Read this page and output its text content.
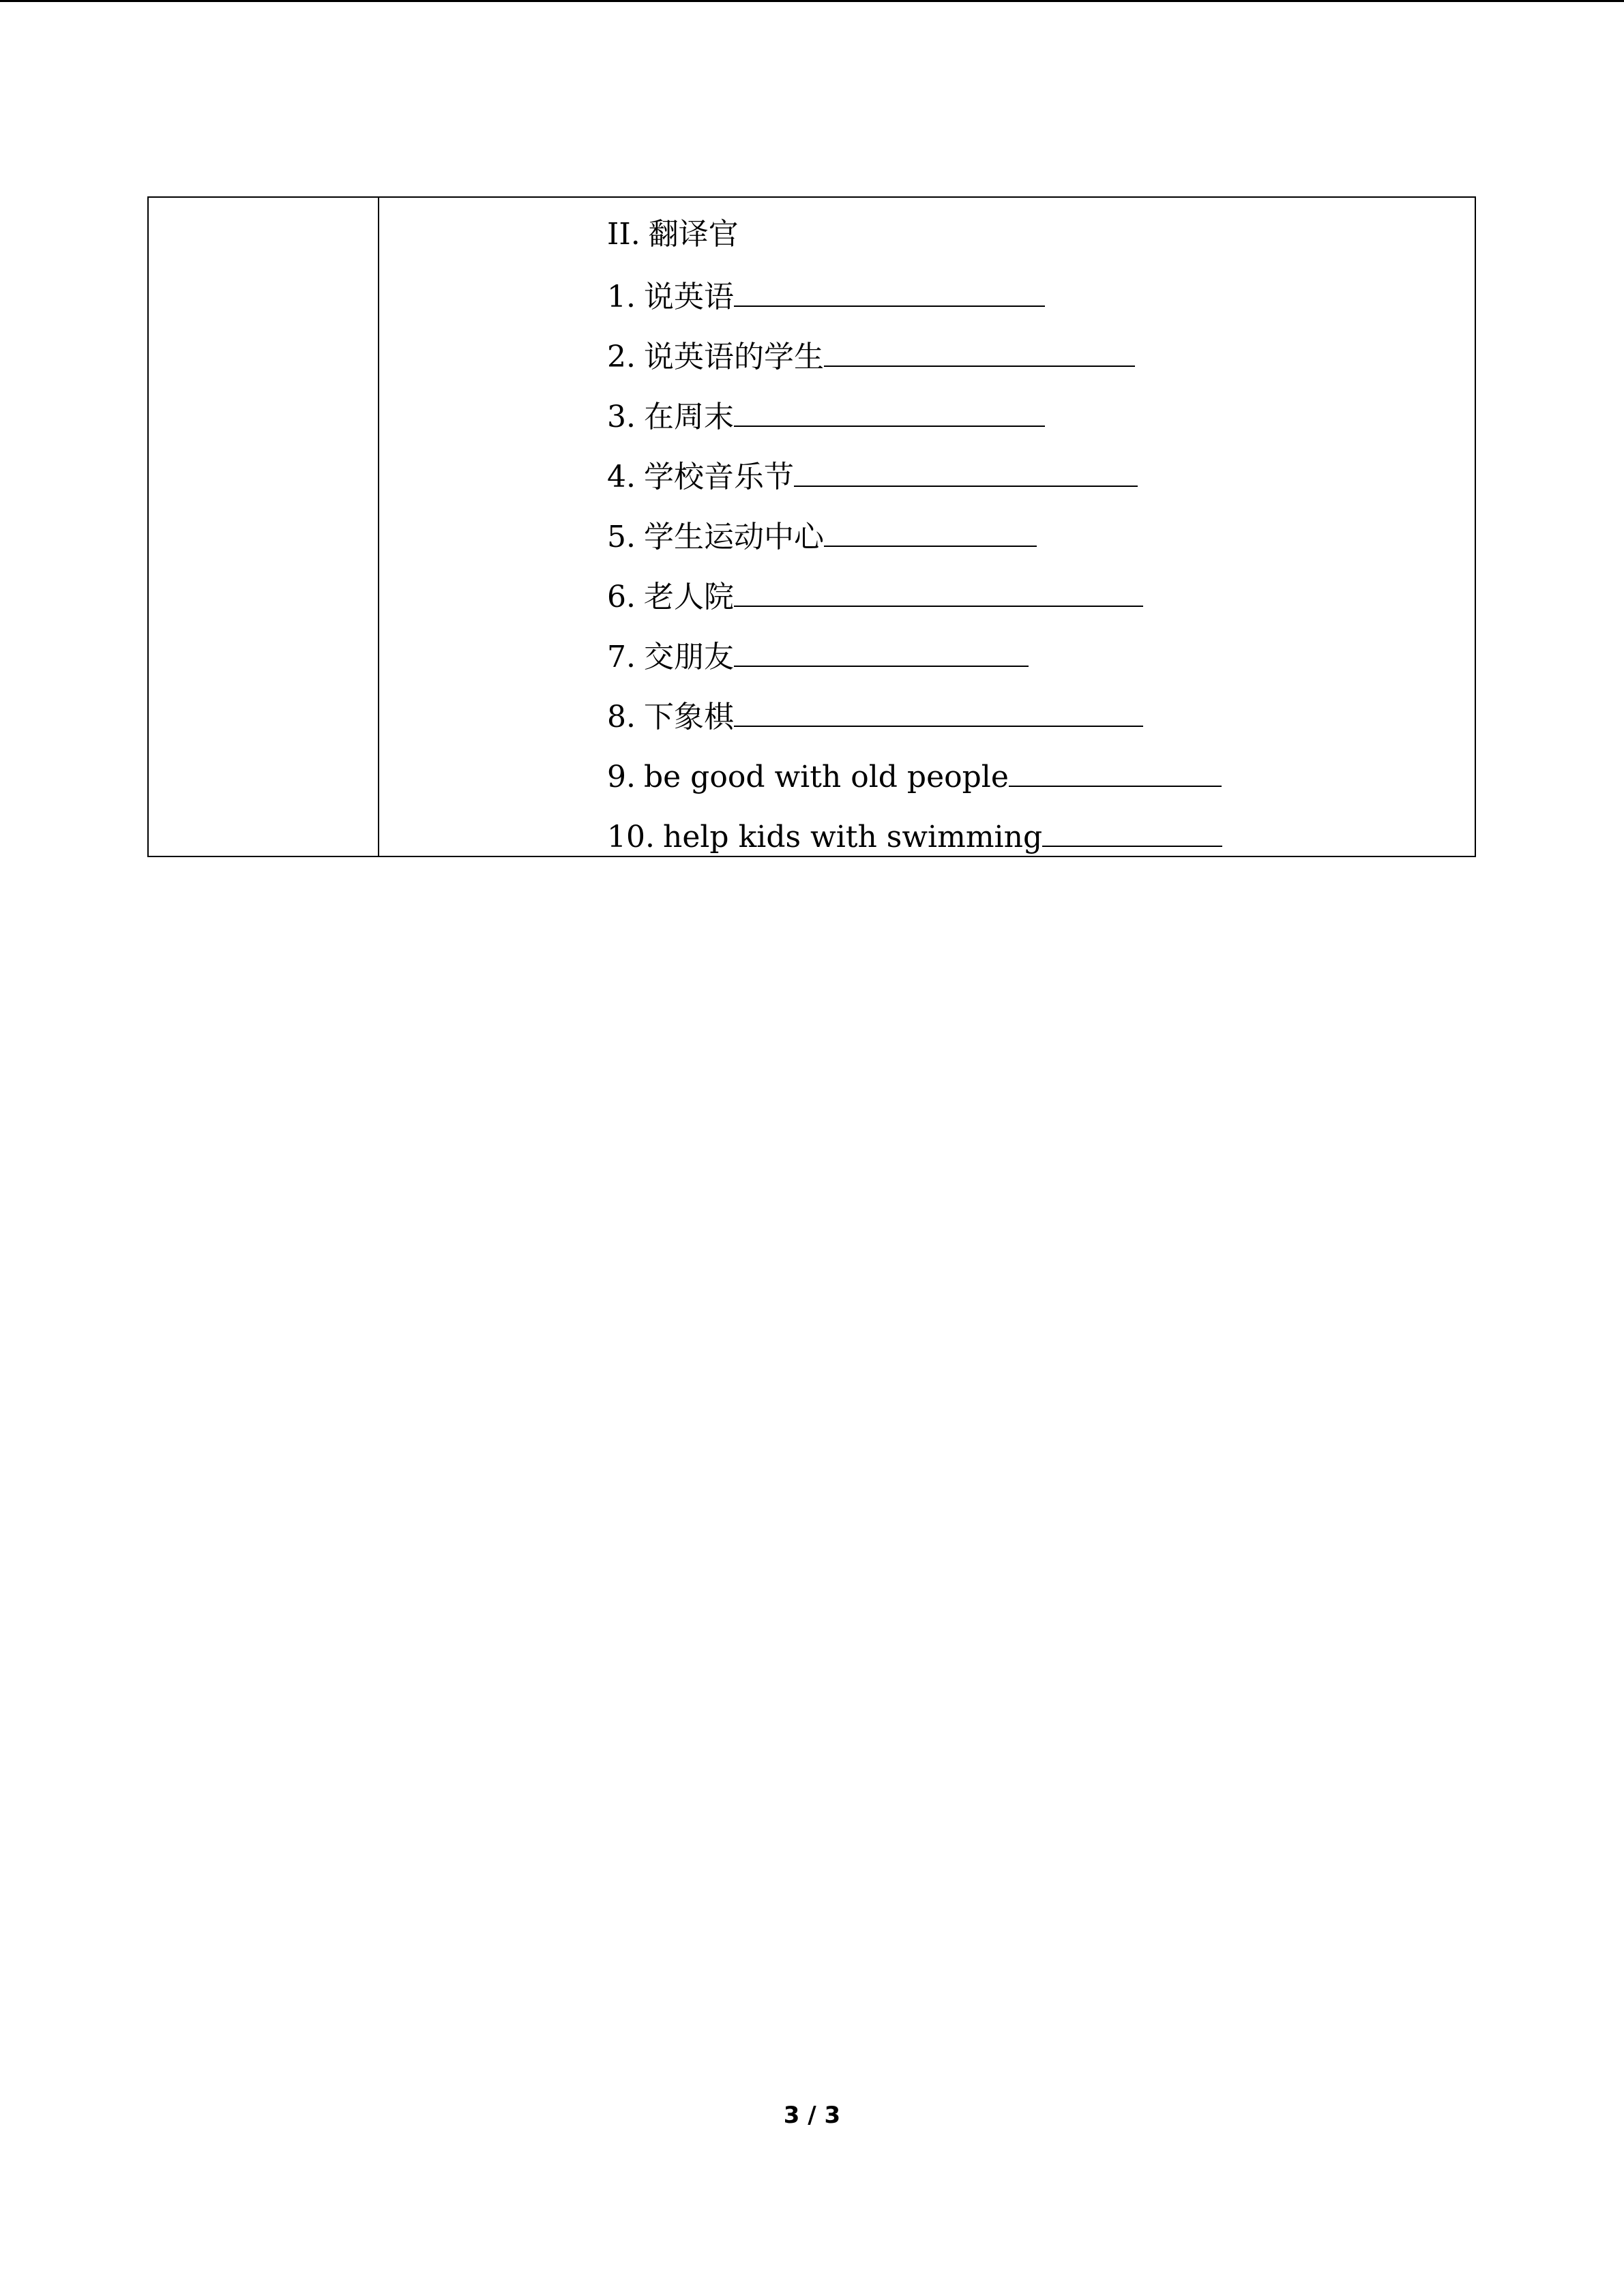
II. 翻译官
1. 说英语
2. 说英语的学生
3. 在周末
4. 学校音乐节
5. 学生运动中心
6. 老人院
7. 交朋友
8. 下象棋
9. be good with old people
10. help kids with swimming
3 / 3
